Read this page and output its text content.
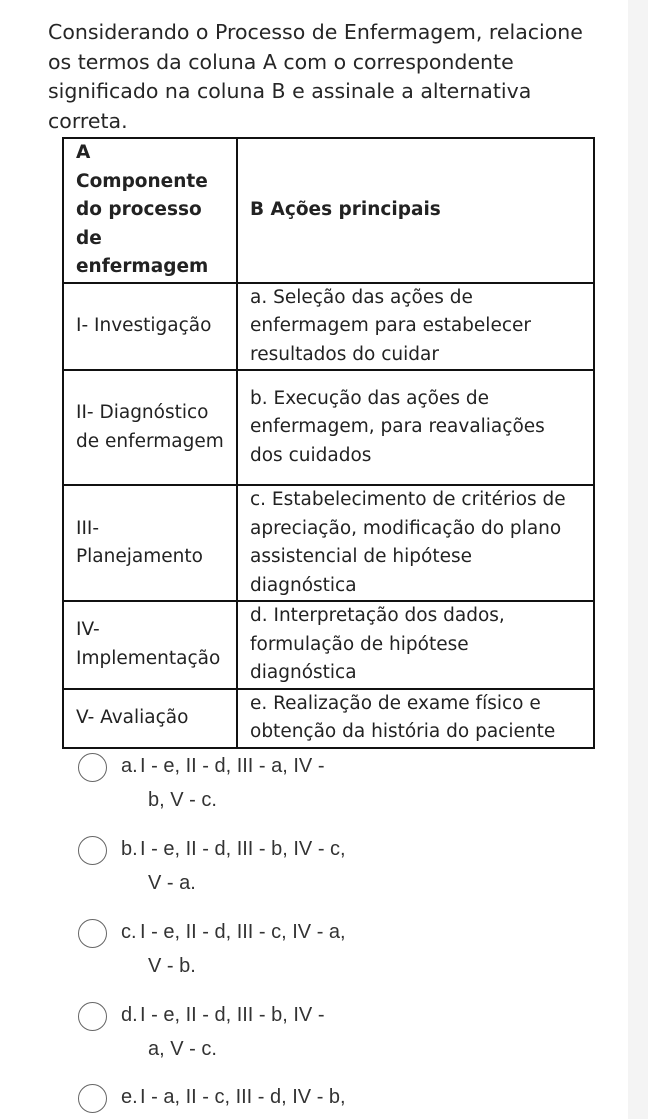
Considerando o Processo de Enfermagem, relacione os termos da coluna A com o correspondente significado na coluna B e assinale a alternativa correta.
A Componente do processo de enfermagem	B Ações principais
I- Investigação	a. Seleção das ações de enfermagem para estabelecer resultados do cuidar
II- Diagnóstico de enfermagem	b. Execução das ações de enfermagem, para reavaliações dos cuidados
III- Planejamento	c. Estabelecimento de critérios de apreciação, modificação do plano assistencial de hipótese diagnóstica
IV- Implementação	d. Interpretação dos dados, formulação de hipótese diagnóstica
V- Avaliação	e. Realização de exame físico e obtenção da história do paciente
a. I - e, II - d, III - a, IV -
b, V - c.
b. I - e, II - d, III - b, IV - c,
V - a.
c. I - e, II - d, III - c, IV - a,
V - b.
d. I - e, II - d, III - b, IV -
a, V - c.
e. I - a, II - c, III - d, IV - b,
